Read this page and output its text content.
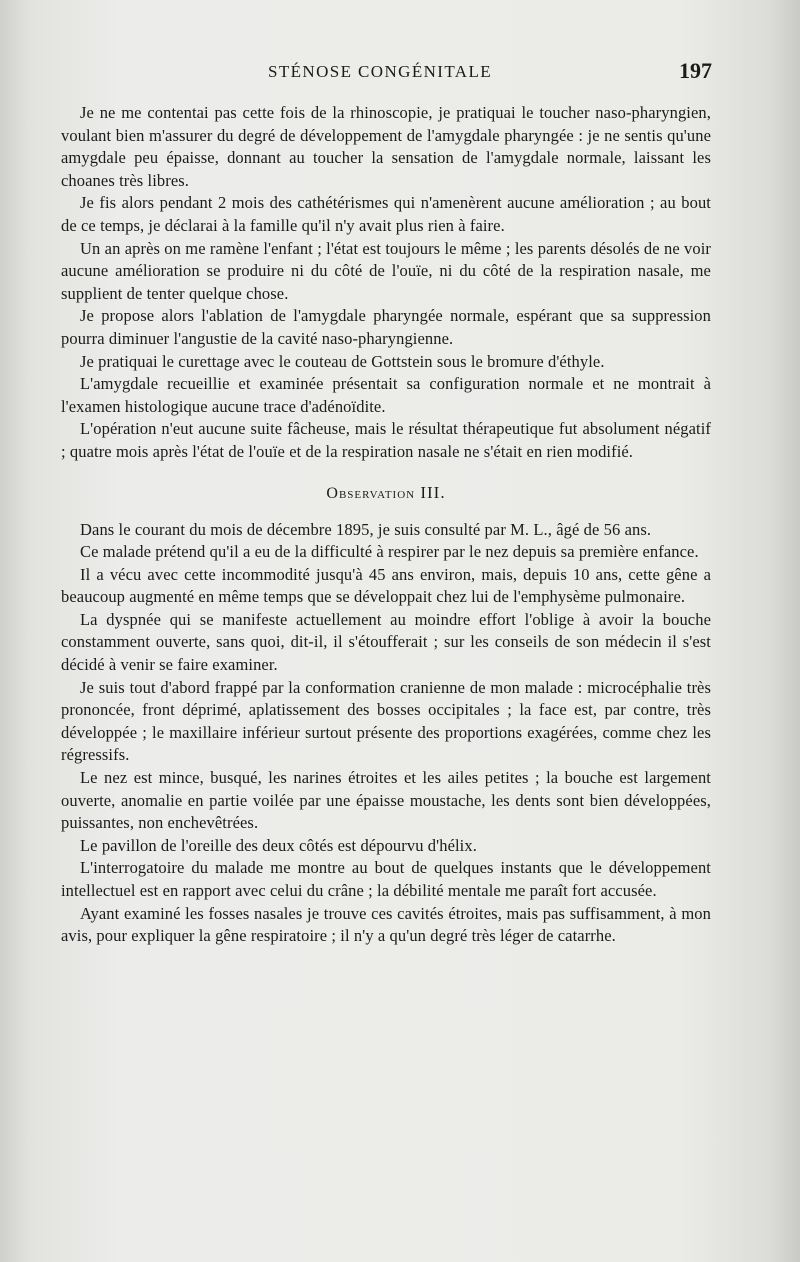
STÉNOSE CONGÉNITALE	197

Je ne me contentai pas cette fois de la rhinoscopie, je pratiquai le toucher naso-pharyngien, voulant bien m'assurer du degré de développement de l'amygdale pharyngée : je ne sentis qu'une amygdale peu épaisse, donnant au toucher la sensation de l'amygdale normale, laissant les choanes très libres.

Je fis alors pendant 2 mois des cathétérismes qui n'amenèrent aucune amélioration ; au bout de ce temps, je déclarai à la famille qu'il n'y avait plus rien à faire.

Un an après on me ramène l'enfant ; l'état est toujours le même ; les parents désolés de ne voir aucune amélioration se produire ni du côté de l'ouïe, ni du côté de la respiration nasale, me supplient de tenter quelque chose.

Je propose alors l'ablation de l'amygdale pharyngée normale, espérant que sa suppression pourra diminuer l'angustie de la cavité naso-pharyngienne.

Je pratiquai le curettage avec le couteau de Gottstein sous le bromure d'éthyle.

L'amygdale recueillie et examinée présentait sa configuration normale et ne montrait à l'examen histologique aucune trace d'adénoïdite.

L'opération n'eut aucune suite fâcheuse, mais le résultat thérapeutique fut absolument négatif ; quatre mois après l'état de l'ouïe et de la respiration nasale ne s'était en rien modifié.

Observation III.

Dans le courant du mois de décembre 1895, je suis consulté par M. L., âgé de 56 ans.

Ce malade prétend qu'il a eu de la difficulté à respirer par le nez depuis sa première enfance.

Il a vécu avec cette incommodité jusqu'à 45 ans environ, mais, depuis 10 ans, cette gêne a beaucoup augmenté en même temps que se développait chez lui de l'emphysème pulmonaire.

La dyspnée qui se manifeste actuellement au moindre effort l'oblige à avoir la bouche constamment ouverte, sans quoi, dit-il, il s'étoufferait ; sur les conseils de son médecin il s'est décidé à venir se faire examiner.

Je suis tout d'abord frappé par la conformation cranienne de mon malade : microcéphalie très prononcée, front déprimé, aplatissement des bosses occipitales ; la face est, par contre, très développée ; le maxillaire inférieur surtout présente des proportions exagérées, comme chez les régressifs.

Le nez est mince, busqué, les narines étroites et les ailes petites ; la bouche est largement ouverte, anomalie en partie voilée par une épaisse moustache, les dents sont bien développées, puissantes, non enchevêtrées.

Le pavillon de l'oreille des deux côtés est dépourvu d'hélix.

L'interrogatoire du malade me montre au bout de quelques instants que le développement intellectuel est en rapport avec celui du crâne ; la débilité mentale me paraît fort accusée.

Ayant examiné les fosses nasales je trouve ces cavités étroites, mais pas suffisamment, à mon avis, pour expliquer la gêne respiratoire ; il n'y a qu'un degré très léger de catarrhe.
